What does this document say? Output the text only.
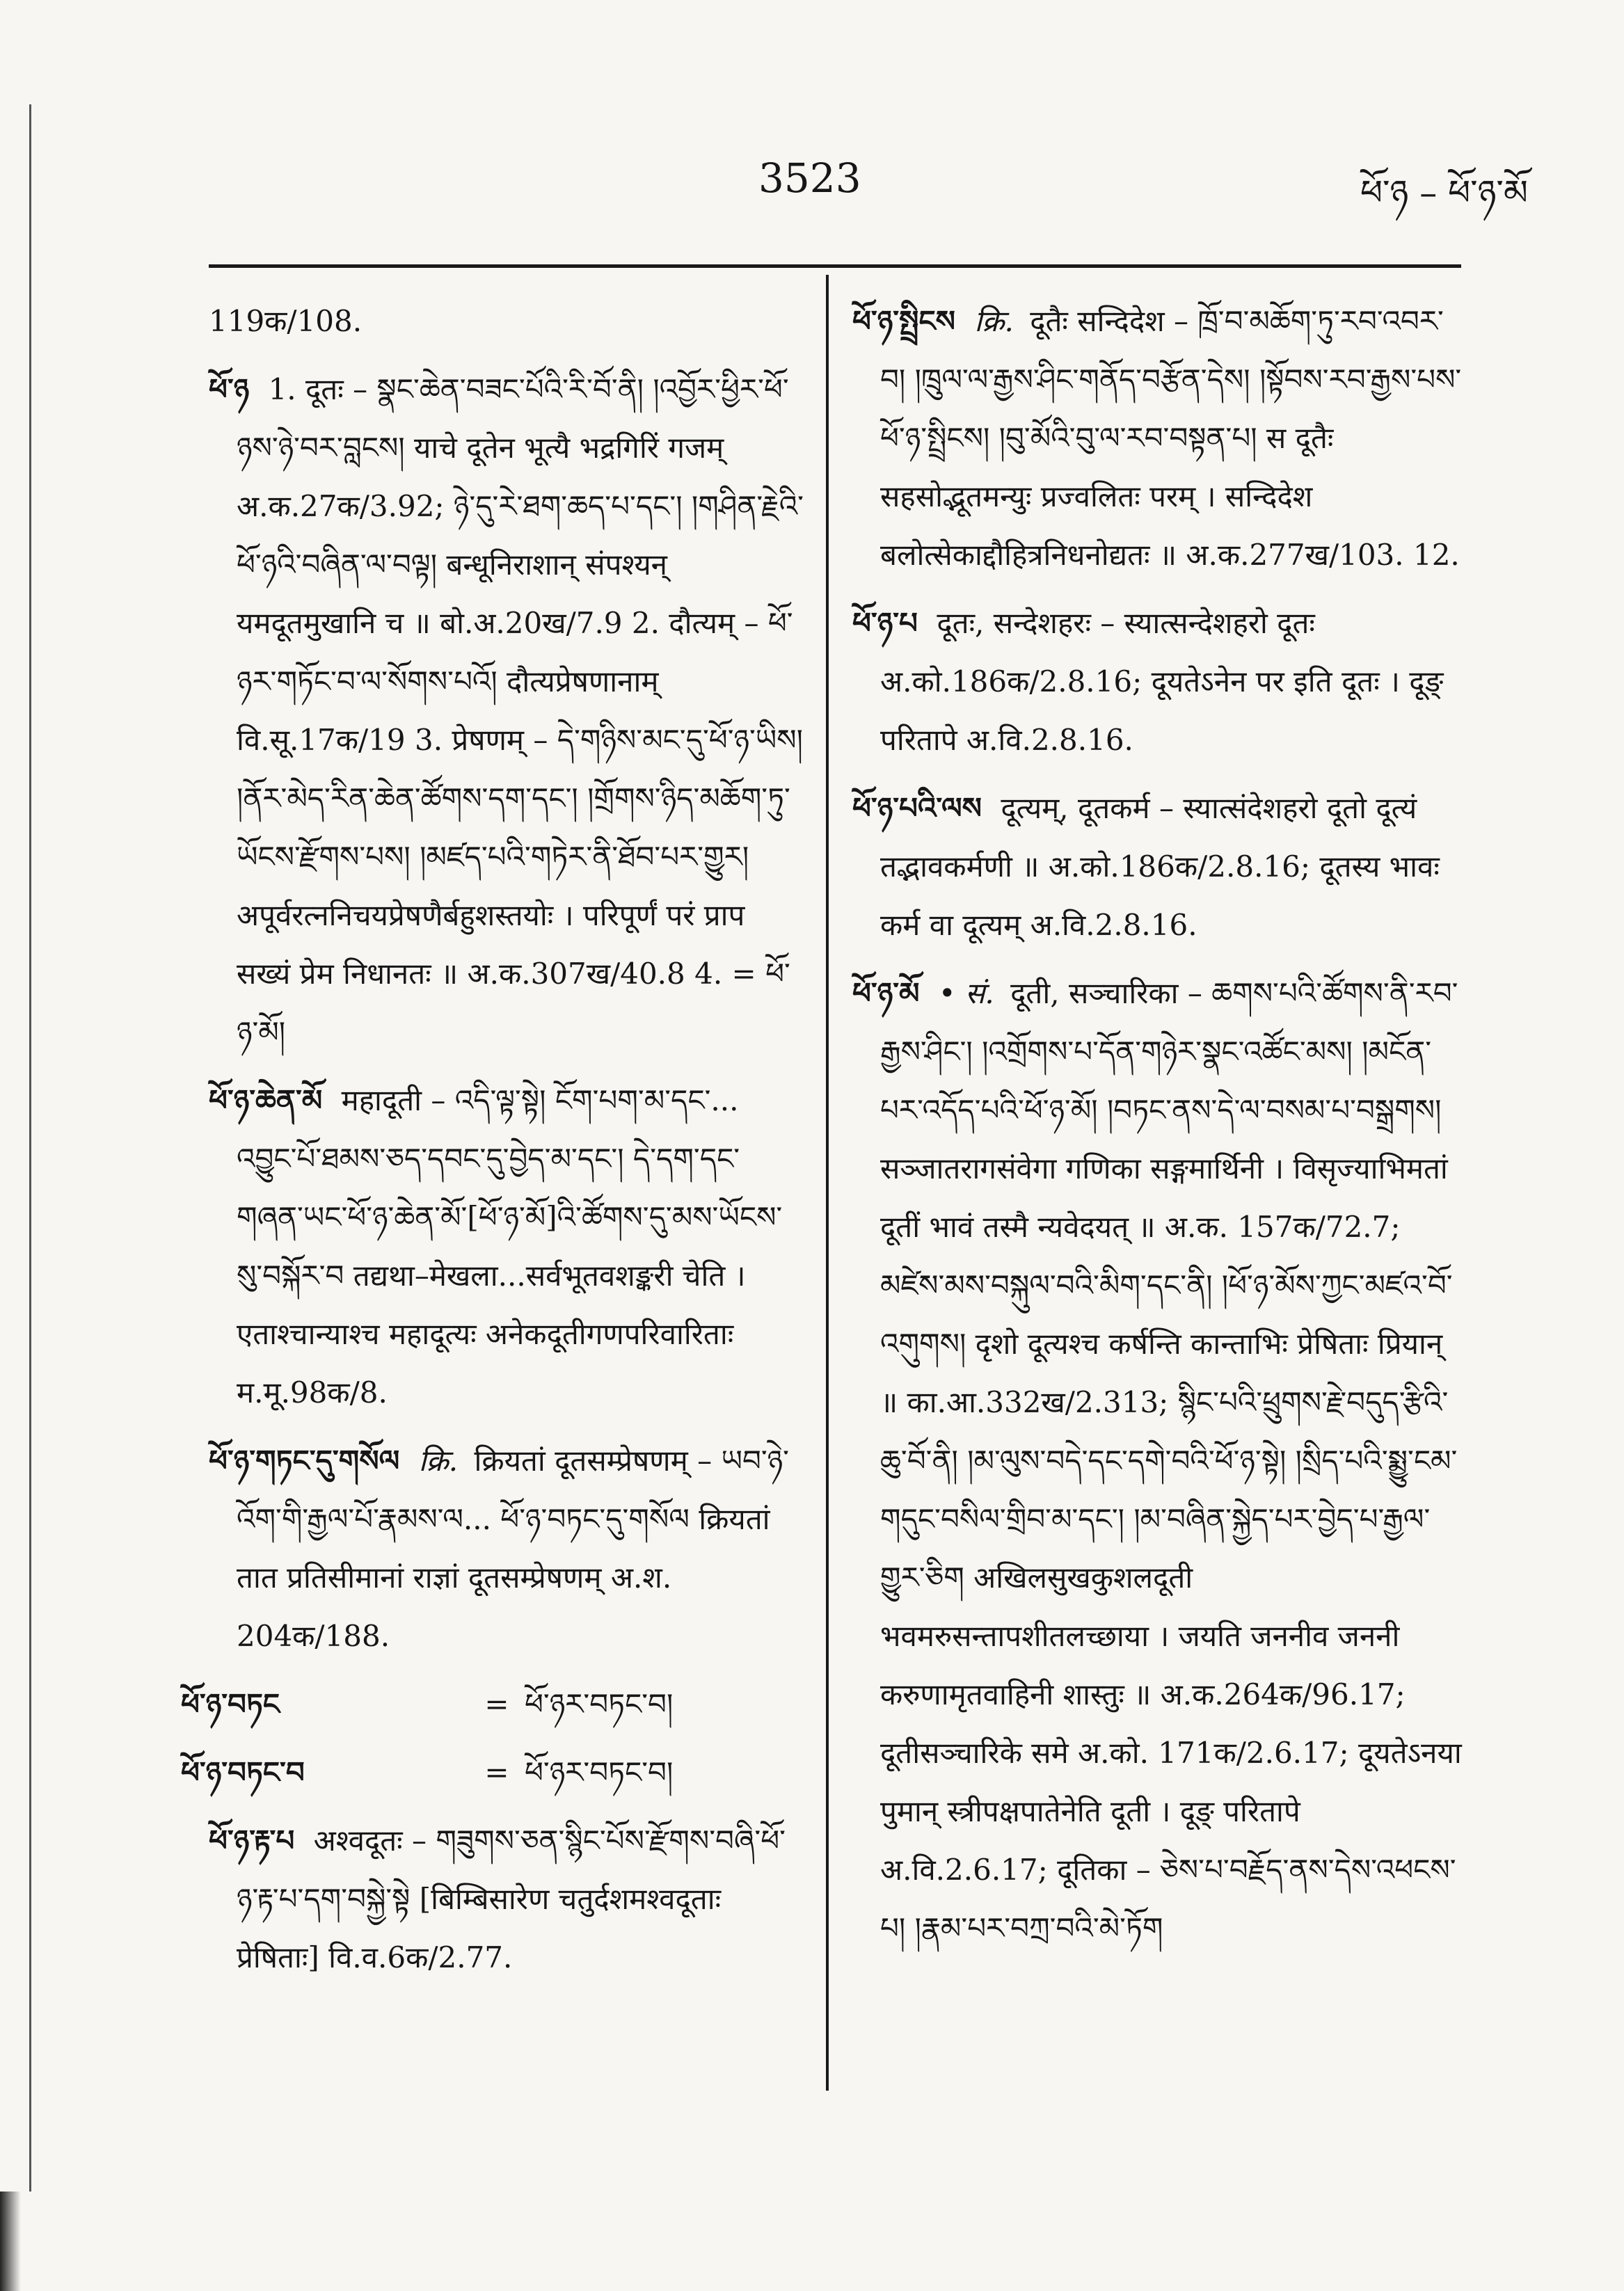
3523	ཕོ་ཉ – ཕོ་ཉ་མོ

119क/108.

ཕོ་ཉ 1. दूतः – སྣང་ཆེན་བཟང་པོའི་རི་བོ་ནི། །འབྱོར་ཕྱིར་ཕོ་ཉས་ཉེ་བར་བླངས། याचे दूतेन भूत्यै भद्रगिरिं गजम् अ.क.27क/3.92; ཉེ་དུ་རེ་ཐག་ཆད་པ་དང་། །གཤིན་རྗེའི་ཕོ་ཉའི་བཞིན་ལ་བལྟ། बन्धूनिराशान् संपश्यन् यमदूतमुखानि च ॥ बो.अ.20ख/7.9 2. दौत्यम् – ཕོ་ཉར་གཏོང་བ་ལ་སོགས་པའོ། दौत्यप्रेषणानाम् वि.सू.17क/19 3. प्रेषणम् – དེ་གཉིས་མང་དུ་ཕོ་ཉ་ཡིས། །ནོར་མེད་རིན་ཆེན་ཚོགས་དག་དང་། །གྲོགས་ཉིད་མཆོག་ཏུ་ཡོངས་རྫོགས་པས། །མཛད་པའི་གཏེར་ནི་ཐོབ་པར་གྱུར། अपूर्वरत्ननिचयप्रेषणैर्बहुशस्तयोः । परिपूर्णं परं प्राप सख्यं प्रेम निधानतः ॥ अ.क.307ख/40.8 4. = ཕོ་ཉ་མོ།

ཕོ་ཉ་ཆེན་མོ महादूती – འདི་ལྟ་སྟེ། ངོག་པག་མ་དང་... འབྱུང་པོ་ཐམས་ཅད་དབང་དུ་བྱེད་མ་དང་། དེ་དག་དང་གཞན་ཡང་ཕོ་ཉ་ཆེན་མོ་[ཕོ་ཉ་མོ]འི་ཚོགས་དུ་མས་ཡོངས་སུ་བསྐོར་བ तद्यथा–मेखला...सर्वभूतवशङ्करी चेति । एताश्चान्याश्च महादूत्यः अनेकदूतीगणपरिवारिताः म.मू.98क/8.

ཕོ་ཉ་གཏང་དུ་གསོལ क्रि. क्रियतां दूतसम्प्रेषणम् – ཡབ་ཉེ་འོག་གི་རྒྱལ་པོ་རྣམས་ལ... ཕོ་ཉ་བཏང་དུ་གསོལ क्रियतां तात प्रतिसीमानां राज्ञां दूतसम्प्रेषणम् अ.श. 204क/188.

ཕོ་ཉ་བཏང	= ཕོ་ཉར་བཏང་བ།
ཕོ་ཉ་བཏང་བ	= ཕོ་ཉར་བཏང་བ།

ཕོ་ཉ་རྟ་པ अश्वदूतः – གཟུགས་ཅན་སྙིང་པོས་རྫོགས་བཞི་ཕོ་ཉ་རྟ་པ་དག་བསྐྱེ་སྟེ [बिम्बिसारेण चतुर्दशमश्वदूताः प्रेषिताः] वि.व.6क/2.77.

ཕོ་ཉ་སྤྲིངས क्रि. दूतैः सन्दिदेश – ཁྲོ་བ་མཆོག་ཏུ་རབ་འབར་བ། །ཁྲུལ་ལ་རྒྱས་ཤིང་གནོད་བརྩོན་དེས། །སྟོབས་རབ་རྒྱས་པས་ཕོ་ཉ་སྤྲིངས། །བུ་མོའི་བུ་ལ་རབ་བསྟན་པ། स दूतैः सहसोद्भूतमन्युः प्रज्वलितः परम् । सन्दिदेश बलोत्सेकाद्दौहित्रनिधनोद्यतः ॥ अ.क.277ख/103. 12.

ཕོ་ཉ་པ दूतः, सन्देशहरः – स्यात्सन्देशहरो दूतः अ.को.186क/2.8.16; दूयतेऽनेन पर इति दूतः । दूङ् परितापे अ.वि.2.8.16.

ཕོ་ཉ་པའི་ལས दूत्यम्, दूतकर्म – स्यात्संदेशहरो दूतो दूत्यं तद्भावकर्मणी ॥ अ.को.186क/2.8.16; दूतस्य भावः कर्म वा दूत्यम् अ.वि.2.8.16.

ཕོ་ཉ་མོ • सं. दूती, सञ्चारिका – ཆགས་པའི་ཚོགས་ནི་རབ་རྒྱས་ཤིང་། །འགྲོགས་པ་དོན་གཉེར་སྣང་འཚོང་མས། །མངོན་པར་འདོད་པའི་ཕོ་ཉ་མོ། །བཏང་ནས་དེ་ལ་བསམ་པ་བསྒྲགས། सञ्जातरागसंवेगा गणिका सङ्गमार्थिनी । विसृज्याभिमतां दूतीं भावं तस्मै न्यवेदयत् ॥ अ.क. 157क/72.7; མཛེས་མས་བསྐུལ་བའི་མིག་དང་ནི། །ཕོ་ཉ་མོས་ཀྱང་མཛའ་བོ་འགུགས། दृशो दूत्यश्च कर्षन्ति कान्ताभिः प्रेषिताः प्रियान् ॥ का.आ.332ख/2.313; སྙིང་པའི་ཕྲུགས་རྗེ་བདུད་རྩིའི་ཆུ་བོ་ནི། །མ་ལུས་བདེ་དང་དགེ་བའི་ཕོ་ཉ་སྟེ། །སྲིད་པའི་སྨྱུ་ངམ་གདུང་བསིལ་གྲིབ་མ་དང་། །མ་བཞིན་སྐྱེད་པར་བྱེད་པ་རྒྱལ་གྱུར་ཅིག अखिलसुखकुशलदूती भवमरुसन्तापशीतलच्छाया । जयति जननीव जननी करुणामृतवाहिनी शास्तुः ॥ अ.क.264क/96.17; दूतीसञ्चारिके समे अ.को. 171क/2.6.17; दूयतेऽनया पुमान् स्त्रीपक्षपातेनेति दूती । दूङ् परितापे अ.वि.2.6.17; दूतिका – ཅེས་པ་བརྗོད་ནས་དེས་འཕངས་པ། །རྣམ་པར་བཀྲ་བའི་མེ་ཏོག
